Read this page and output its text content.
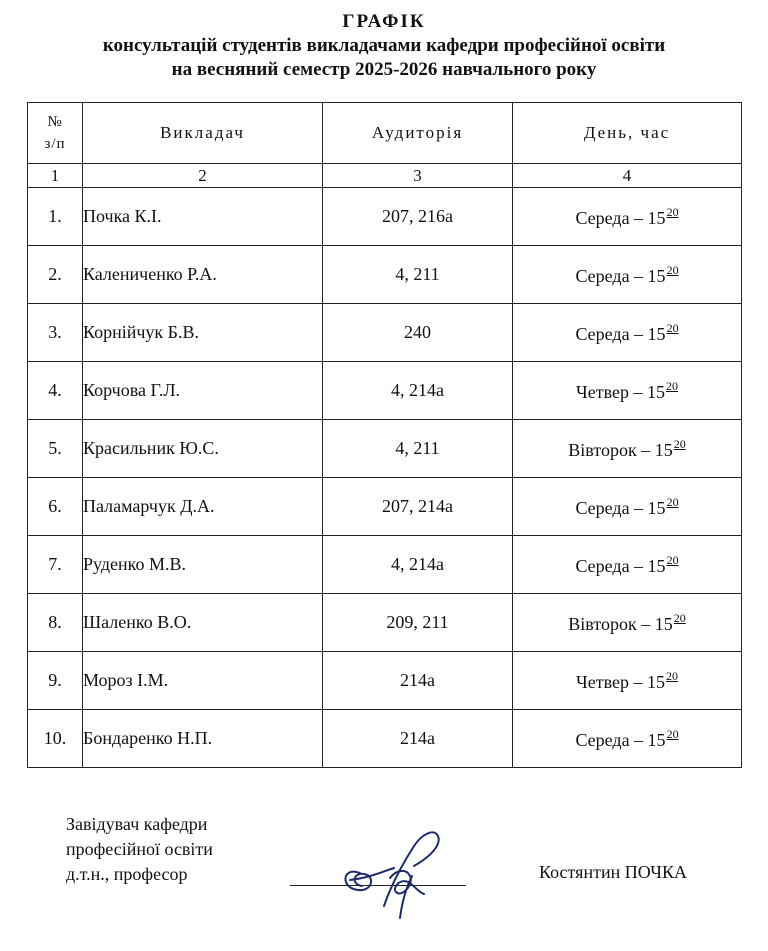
ГРАФІК
консультацій студентів викладачами кафедри професійної освіти
на весняний семестр 2025-2026 навчального року
№
з/п	Викладач	Аудиторія	День, час
1	2	3	4
1.	Почка К.І.	207, 216а	Середа – $15^{20}$
2.	Калениченко Р.А.	4, 211	Середа – $15^{20}$
3.	Корнійчук Б.В.	240	Середа – $15^{20}$
4.	Корчова Г.Л.	4, 214а	Четвер – $15^{20}$
5.	Красильник Ю.С.	4, 211	Вівторок – $15^{20}$
6.	Паламарчук Д.А.	207, 214а	Середа – $15^{20}$
7.	Руденко М.В.	4, 214а	Середа – $15^{20}$
8.	Шаленко В.О.	209, 211	Вівторок – $15^{20}$
9.	Мороз І.М.	214а	Четвер – $15^{20}$
10.	Бондаренко Н.П.	214а	Середа – $15^{20}$
Завідувач кафедри
професійної освіти
д.т.н., професор	Костянтин ПОЧКА
